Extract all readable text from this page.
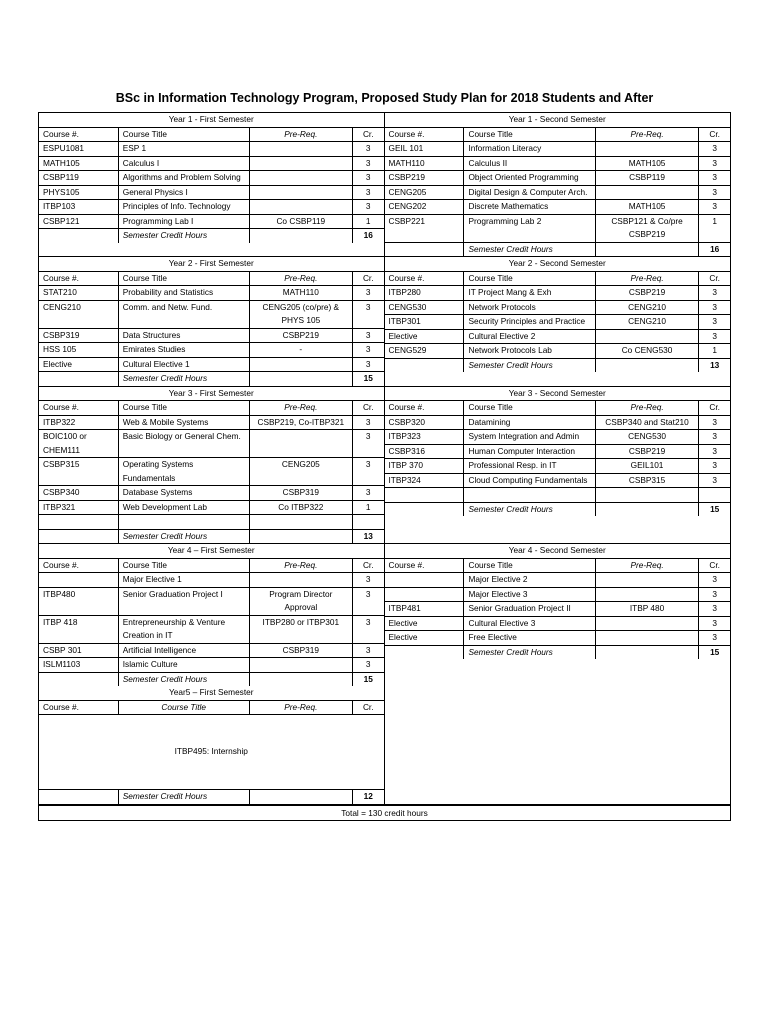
BSc in Information Technology Program, Proposed Study Plan for 2018 Students and After
Year 1 - First Semester			
Course #.	Course Title	Pre-Req.	Cr.
ESPU1081	ESP 1		3
MATH105	Calculus I		3
CSBP119	Algorithms and Problem Solving		3
PHYS105	General Physics I		3
ITBP103	Principles of Info. Technology		3
CSBP121	Programming Lab I	Co CSBP119	1
	Semester Credit Hours		16
Year 1 - Second Semester			
Course #.	Course Title	Pre-Req.	Cr.
GEIL 101	Information Literacy		3
MATH110	Calculus II	MATH105	3
CSBP219	Object Oriented Programming	CSBP119	3
CENG205	Digital Design & Computer Arch.		3
CENG202	Discrete Mathematics	MATH105	3
CSBP221	Programming Lab 2	CSBP121 & Co/pre CSBP219	1
	Semester Credit Hours		16
Year 2 - First Semester			
Course #.	Course Title	Pre-Req.	Cr.
STAT210	Probability and Statistics	MATH110	3
CENG210	Comm. and Netw. Fund.	CENG205 (co/pre) & PHYS 105	3
CSBP319	Data Structures	CSBP219	3
HSS 105	Emirates Studies	-	3
Elective	Cultural Elective 1		3
	Semester Credit Hours		15
Year 2 - Second Semester			
Course #.	Course Title	Pre-Req.	Cr.
ITBP280	IT Project Mang & Exh	CSBP219	3
CENG530	Network Protocols	CENG210	3
ITBP301	Security Principles and Practice	CENG210	3
Elective	Cultural Elective 2		3
CENG529	Network Protocols Lab	Co CENG530	1
	Semester Credit Hours		13
Year 3 - First Semester			
Course #.	Course Title	Pre-Req.	Cr.
ITBP322	Web & Mobile Systems	CSBP219, Co-ITBP321	3
BOIC100 or CHEM111	Basic Biology or General Chem.		3
CSBP315	Operating Systems Fundamentals	CENG205	3
CSBP340	Database Systems	CSBP319	3
ITBP321	Web Development Lab	Co ITBP322	1

	Semester Credit Hours		13
Year 3 - Second Semester			
Course #.	Course Title	Pre-Req.	Cr.
CSBP320	Datamining	CSBP340 and Stat210	3
ITBP323	System Integration and Admin	CENG530	3
CSBP316	Human Computer Interaction	CSBP219	3
ITBP 370	Professional Resp. in IT	GEIL101	3
ITBP324	Cloud Computing Fundamentals	CSBP315	3

	Semester Credit Hours		15
Year 4 – First Semester			
Course #.	Course Title	Pre-Req.	Cr.
	Major Elective 1		3
ITBP480	Senior Graduation Project I	Program Director Approval	3
ITBP 418	Entrepreneurship & Venture Creation in IT	ITBP280 or ITBP301	3
CSBP 301	Artificial Intelligence	CSBP319	3
ISLM1103	Islamic Culture		3
	Semester Credit Hours		15
Year 4 - Second Semester			
Course #.	Course Title	Pre-Req.	Cr.
	Major Elective 2		3
	Major Elective 3		3
ITBP481	Senior Graduation Project II	ITBP 480	3
Elective	Cultural Elective 3		3
Elective	Free Elective		3
	Semester Credit Hours		15
Year5 – First Semester			
Course #.	Course Title	Pre-Req.	Cr.
ITBP495: Internship			
	Semester Credit Hours		12
Total = 130 credit hours
